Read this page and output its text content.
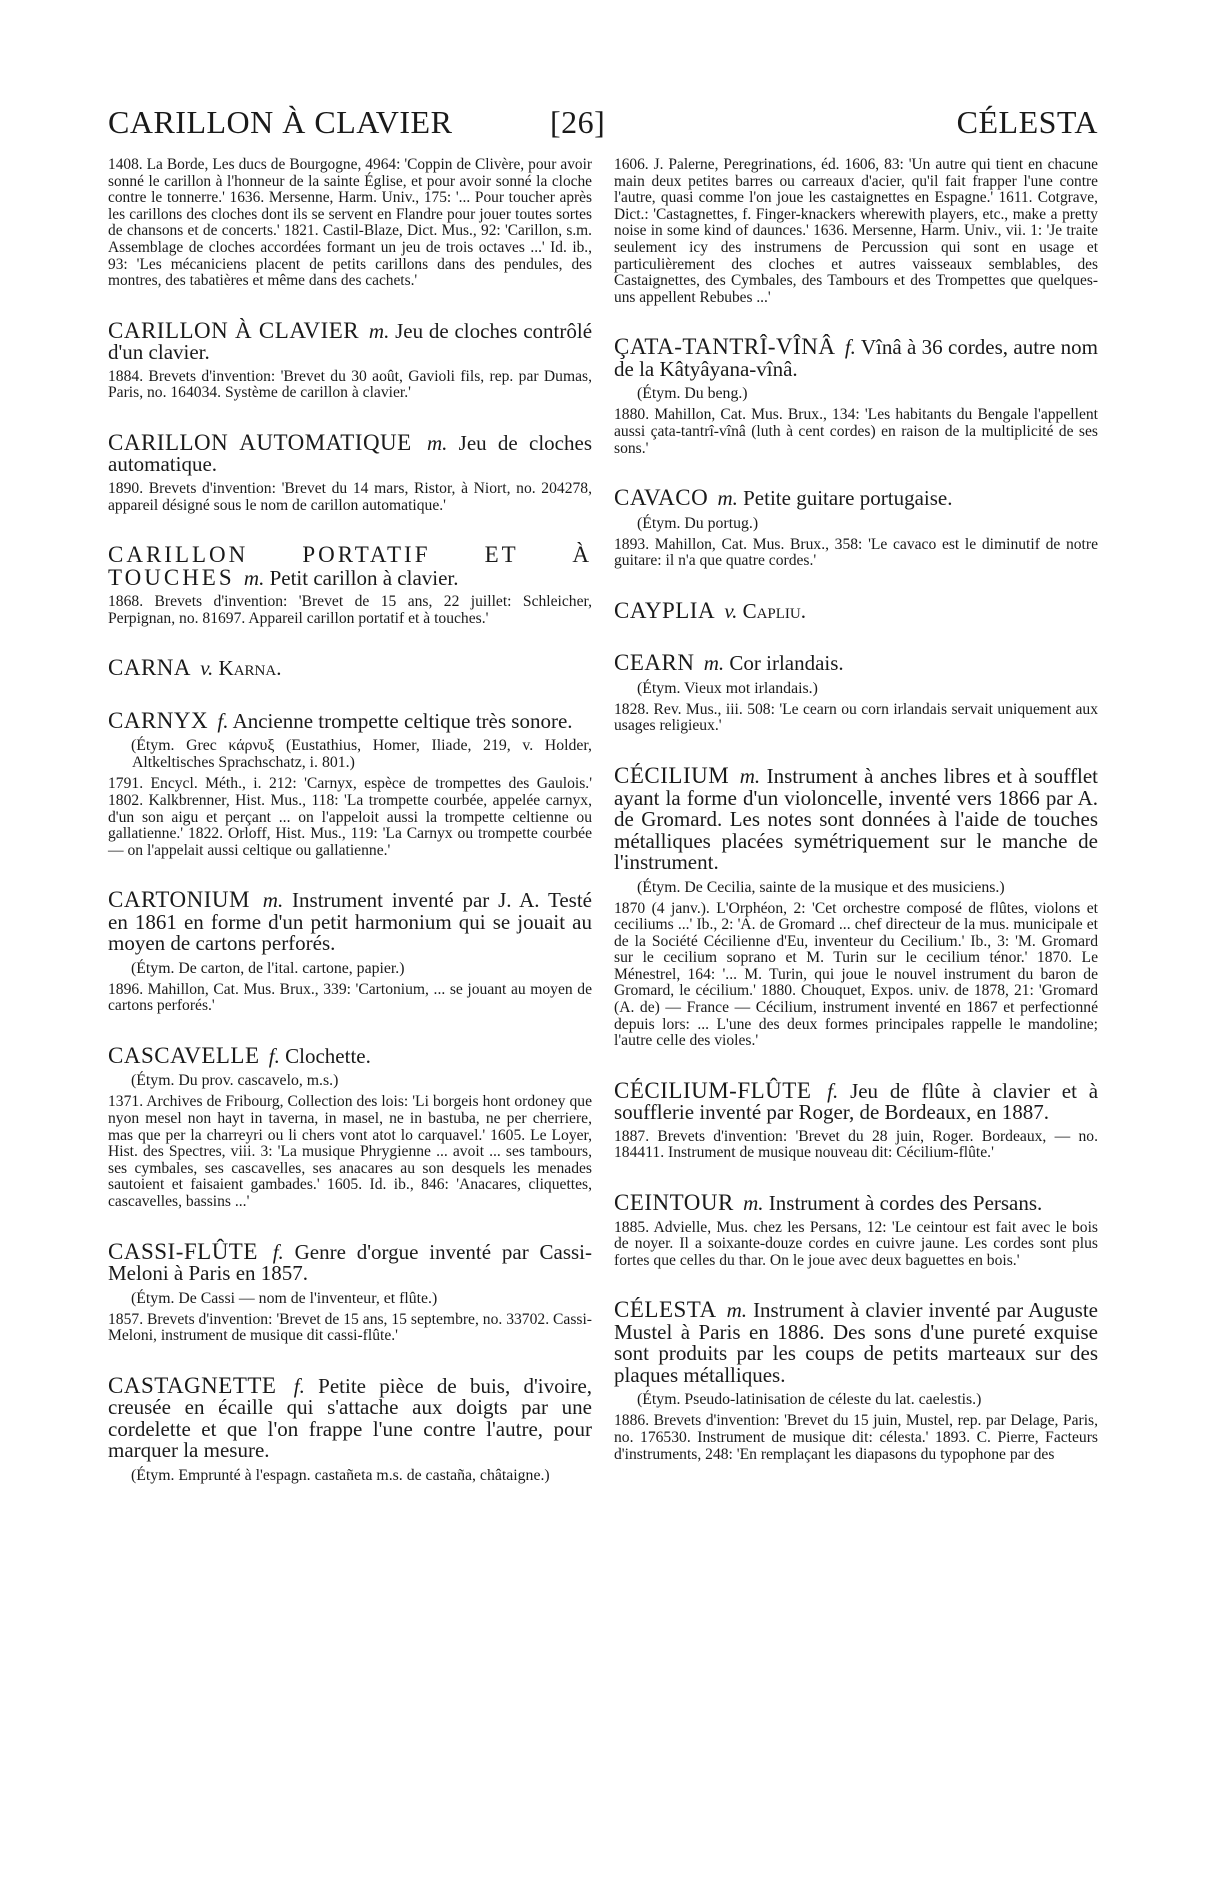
CARILLON À CLAVIER	[26]	CÉLESTA

1408. La Borde, Les ducs de Bourgogne, 4964: 'Coppin de Clivère, pour avoir sonné le carillon à l'honneur de la sainte Église, et pour avoir sonné la cloche contre le tonnerre.' 1636. Mersenne, Harm. Univ., 175: '... Pour toucher après les carillons des cloches dont ils se servent en Flandre pour jouer toutes sortes de chansons et de concerts.' 1821. Castil-Blaze, Dict. Mus., 92: 'Carillon, s.m. Assemblage de cloches accordées formant un jeu de trois octaves ...' Id. ib., 93: 'Les mécaniciens placent de petits carillons dans des pendules, des montres, des tabatières et même dans des cachets.'

CARILLON À CLAVIER m. Jeu de cloches contrôlé d'un clavier.

1884. Brevets d'invention: 'Brevet du 30 août, Gavioli fils, rep. par Dumas, Paris, no. 164034. Système de carillon à clavier.'

CARILLON AUTOMATIQUE m. Jeu de cloches automatique.

1890. Brevets d'invention: 'Brevet du 14 mars, Ristor, à Niort, no. 204278, appareil désigné sous le nom de carillon automatique.'

CARILLON PORTATIF ET À TOUCHES m. Petit carillon à clavier.

1868. Brevets d'invention: 'Brevet de 15 ans, 22 juillet: Schleicher, Perpignan, no. 81697. Appareil carillon portatif et à touches.'

CARNA v. Karna.

CARNYX f. Ancienne trompette celtique très sonore.

(Étym. Grec κάρνυξ (Eustathius, Homer, Iliade, 219, v. Holder, Altkeltisches Sprachschatz, i. 801.)

1791. Encycl. Méth., i. 212: 'Carnyx, espèce de trompettes des Gaulois.' 1802. Kalkbrenner, Hist. Mus., 118: 'La trompette courbée, appelée carnyx, d'un son aigu et perçant ... on l'appeloit aussi la trompette celtienne ou gallatienne.' 1822. Orloff, Hist. Mus., 119: 'La Carnyx ou trompette courbée — on l'appelait aussi celtique ou gallatienne.'

CARTONIUM m. Instrument inventé par J. A. Testé en 1861 en forme d'un petit harmonium qui se jouait au moyen de cartons perforés.

(Étym. De carton, de l'ital. cartone, papier.)

1896. Mahillon, Cat. Mus. Brux., 339: 'Cartonium, ... se jouant au moyen de cartons perforés.'

CASCAVELLE f. Clochette.

(Étym. Du prov. cascavelo, m.s.)

1371. Archives de Fribourg, Collection des lois: 'Li borgeis hont ordoney que nyon mesel non hayt in taverna, in masel, ne in bastuba, ne per cherriere, mas que per la charreyri ou li chers vont atot lo carquavel.' 1605. Le Loyer, Hist. des Spectres, viii. 3: 'La musique Phrygienne ... avoit ... ses tambours, ses cymbales, ses cascavelles, ses anacares au son desquels les menades sautoient et faisaient gambades.' 1605. Id. ib., 846: 'Anacares, cliquettes, cascavelles, bassins ...'

CASSI-FLÛTE f. Genre d'orgue inventé par Cassi-Meloni à Paris en 1857.

(Étym. De Cassi — nom de l'inventeur, et flûte.)

1857. Brevets d'invention: 'Brevet de 15 ans, 15 septembre, no. 33702. Cassi-Meloni, instrument de musique dit cassi-flûte.'

CASTAGNETTE f. Petite pièce de buis, d'ivoire, creusée en écaille qui s'attache aux doigts par une cordelette et que l'on frappe l'une contre l'autre, pour marquer la mesure.

(Étym. Emprunté à l'espagn. castañeta m.s. de castaña, châtaigne.)

1606. J. Palerne, Peregrinations, éd. 1606, 83: 'Un autre qui tient en chacune main deux petites barres ou carreaux d'acier, qu'il fait frapper l'une contre l'autre, quasi comme l'on joue les castaignettes en Espagne.' 1611. Cotgrave, Dict.: 'Castagnettes, f. Finger-knackers wherewith players, etc., make a pretty noise in some kind of daunces.' 1636. Mersenne, Harm. Univ., vii. 1: 'Je traite seulement icy des instrumens de Percussion qui sont en usage et particulièrement des cloches et autres vaisseaux semblables, des Castaignettes, des Cymbales, des Tambours et des Trompettes que quelques-uns appellent Rebubes ...'

ÇATA-TANTRÎ-VÎNÂ f. Vînâ à 36 cordes, autre nom de la Kâtyâyana-vînâ.

(Étym. Du beng.)

1880. Mahillon, Cat. Mus. Brux., 134: 'Les habitants du Bengale l'appellent aussi çata-tantrî-vînâ (luth à cent cordes) en raison de la multiplicité de ses sons.'

CAVACO m. Petite guitare portugaise.

(Étym. Du portug.)

1893. Mahillon, Cat. Mus. Brux., 358: 'Le cavaco est le diminutif de notre guitare: il n'a que quatre cordes.'

CAYPLIA v. Capliu.

CEARN m. Cor irlandais.

(Étym. Vieux mot irlandais.)

1828. Rev. Mus., iii. 508: 'Le cearn ou corn irlandais servait uniquement aux usages religieux.'

CÉCILIUM m. Instrument à anches libres et à soufflet ayant la forme d'un violoncelle, inventé vers 1866 par A. de Gromard. Les notes sont données à l'aide de touches métalliques placées symétriquement sur le manche de l'instrument.

(Étym. De Cecilia, sainte de la musique et des musiciens.)

1870 (4 janv.). L'Orphéon, 2: 'Cet orchestre composé de flûtes, violons et ceciliums ...' Ib., 2: 'A. de Gromard ... chef directeur de la mus. municipale et de la Société Cécilienne d'Eu, inventeur du Cecilium.' Ib., 3: 'M. Gromard sur le cecilium soprano et M. Turin sur le cecilium ténor.' 1870. Le Ménestrel, 164: '... M. Turin, qui joue le nouvel instrument du baron de Gromard, le cécilium.' 1880. Chouquet, Expos. univ. de 1878, 21: 'Gromard (A. de) — France — Cécilium, instrument inventé en 1867 et perfectionné depuis lors: ... L'une des deux formes principales rappelle le mandoline; l'autre celle des violes.'

CÉCILIUM-FLÛTE f. Jeu de flûte à clavier et à soufflerie inventé par Roger, de Bordeaux, en 1887.

1887. Brevets d'invention: 'Brevet du 28 juin, Roger. Bordeaux, — no. 184411. Instrument de musique nouveau dit: Cécilium-flûte.'

CEINTOUR m. Instrument à cordes des Persans.

1885. Advielle, Mus. chez les Persans, 12: 'Le ceintour est fait avec le bois de noyer. Il a soixante-douze cordes en cuivre jaune. Les cordes sont plus fortes que celles du thar. On le joue avec deux baguettes en bois.'

CÉLESTA m. Instrument à clavier inventé par Auguste Mustel à Paris en 1886. Des sons d'une pureté exquise sont produits par les coups de petits marteaux sur des plaques métalliques.

(Étym. Pseudo-latinisation de céleste du lat. caelestis.)

1886. Brevets d'invention: 'Brevet du 15 juin, Mustel, rep. par Delage, Paris, no. 176530. Instrument de musique dit: célesta.' 1893. C. Pierre, Facteurs d'instruments, 248: 'En remplaçant les diapasons du typophone par des
